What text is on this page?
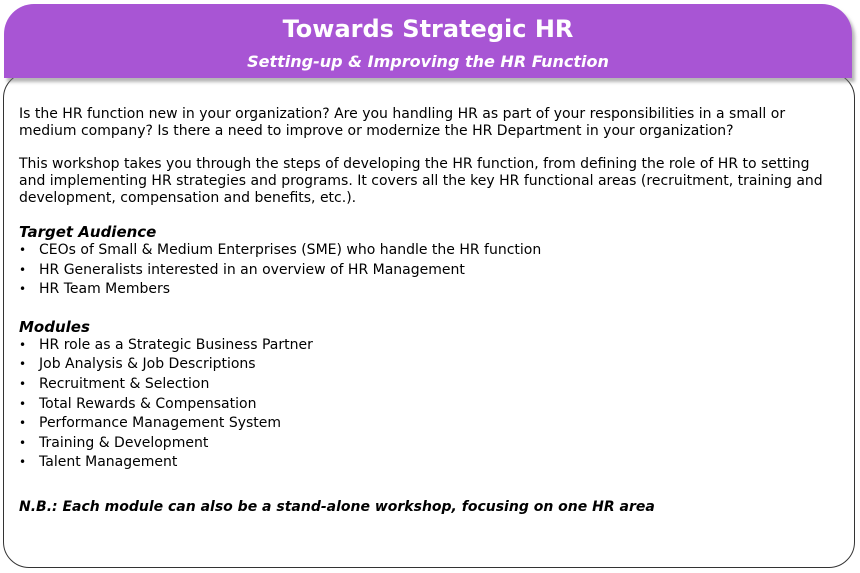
Towards Strategic HR
Setting-up & Improving the HR Function

Is the HR function new in your organization? Are you handling HR as part of your responsibilities in a small or medium company? Is there a need to improve or modernize the HR Department in your organization?

This workshop takes you through the steps of developing the HR function, from defining the role of HR to setting and implementing HR strategies and programs. It covers all the key HR functional areas (recruitment, training and development, compensation and benefits, etc.).

Target Audience

• CEOs of Small & Medium Enterprises (SME) who handle the HR function
• HR Generalists interested in an overview of HR Management
• HR Team Members

Modules

• HR role as a Strategic Business Partner
• Job Analysis & Job Descriptions
• Recruitment & Selection
• Total Rewards & Compensation
• Performance Management System
• Training & Development
• Talent Management

N.B.: Each module can also be a stand-alone workshop, focusing on one HR area
